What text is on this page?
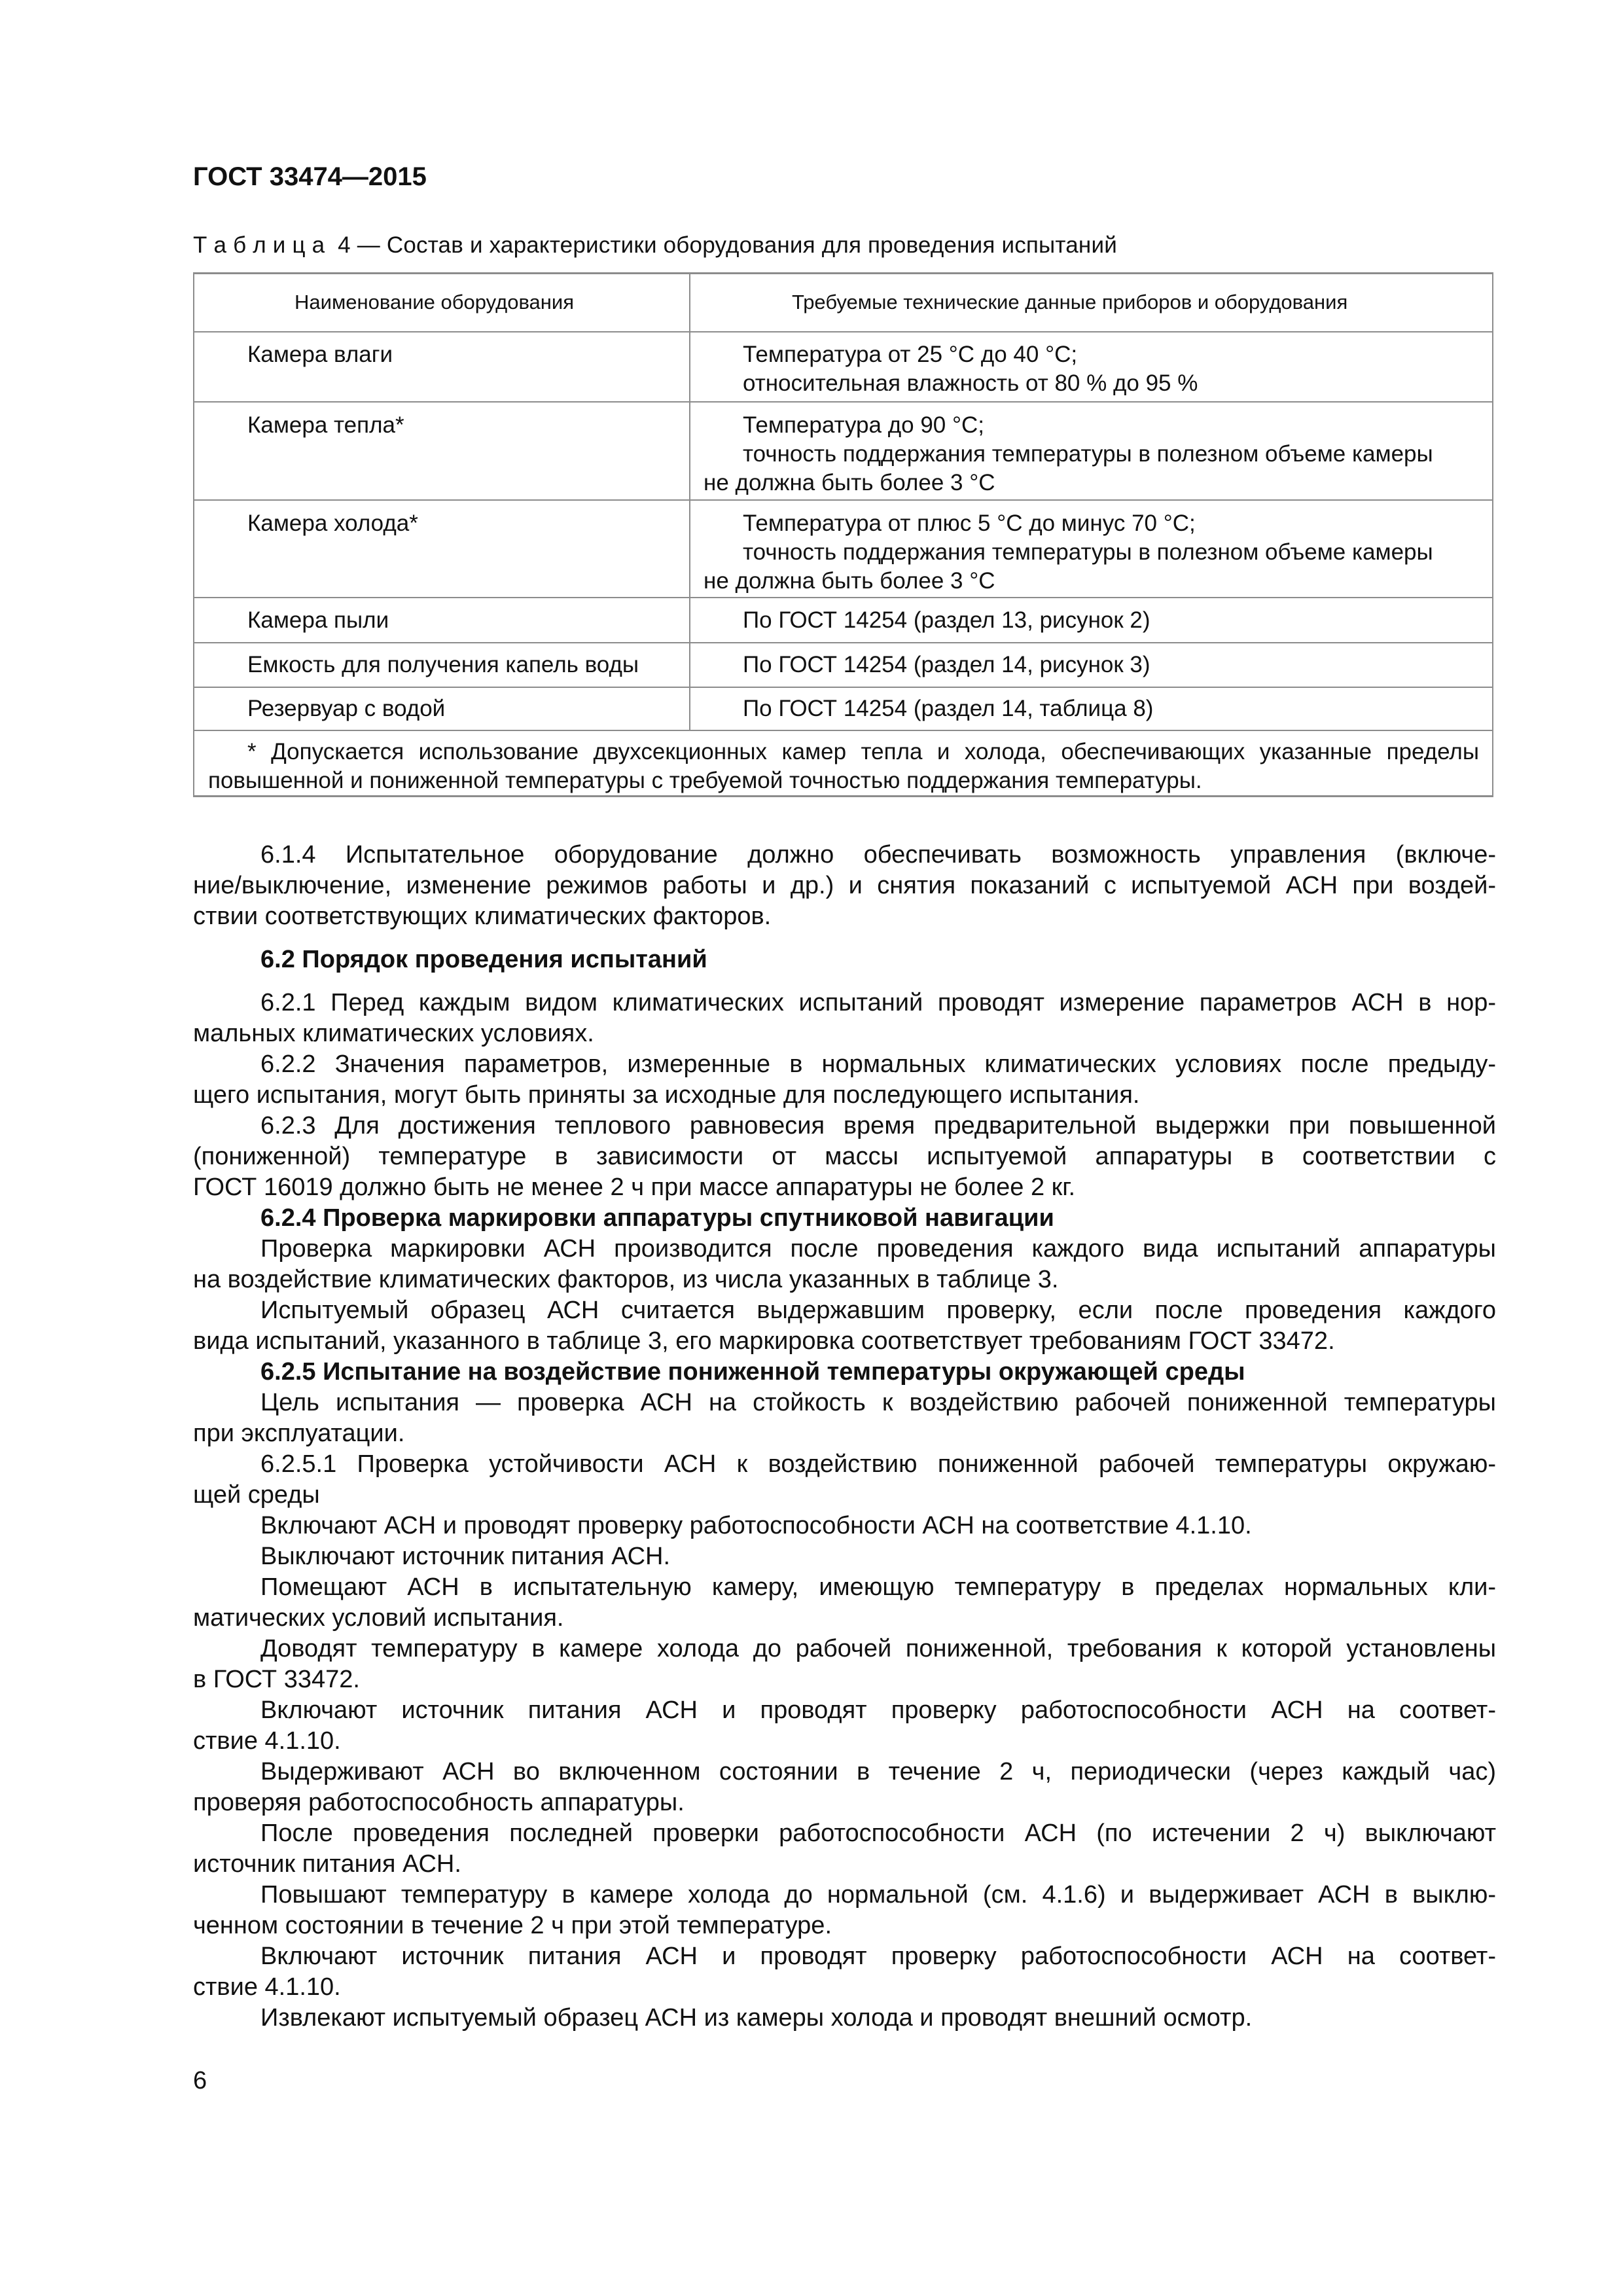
ГОСТ 33474—2015
Т а б л и ц а  4 — Состав и характеристики оборудования для проведения испытаний
Наименование оборудования	Требуемые технические данные приборов и оборудования
Камера влаги	Температура от 25 °С до 40 °С;
относительная влажность от 80 % до 95 %
Камера тепла*	Температура до 90 °С;
точность поддержания температуры в полезном объеме камеры
не должна быть более 3 °С
Камера холода*	Температура от плюс 5 °С до минус 70 °С;
точность поддержания температуры в полезном объеме камеры
не должна быть более 3 °С
Камера пыли	По ГОСТ 14254 (раздел 13, рисунок 2)
Емкость для получения капель воды	По ГОСТ 14254 (раздел 14, рисунок 3)
Резервуар с водой	По ГОСТ 14254 (раздел 14, таблица 8)
* Допускается использование двухсекционных камер тепла и холода, обеспечивающих указанные пределы
повышенной и пониженной температуры с требуемой точностью поддержания температуры.
6.1.4 Испытательное оборудование должно обеспечивать возможность управления (включе-
ние/выключение, изменение режимов работы и др.) и снятия показаний с испытуемой АСН при воздей-
ствии соответствующих климатических факторов.
6.2 Порядок проведения испытаний
6.2.1 Перед каждым видом климатических испытаний проводят измерение параметров АСН в нор-
мальных климатических условиях.
6.2.2 Значения параметров, измеренные в нормальных климатических условиях после предыду-
щего испытания, могут быть приняты за исходные для последующего испытания.
6.2.3 Для достижения теплового равновесия время предварительной выдержки при повышенной
(пониженной) температуре в зависимости от массы испытуемой аппаратуры в соответствии с
ГОСТ 16019 должно быть не менее 2 ч при массе аппаратуры не более 2 кг.
6.2.4 Проверка маркировки аппаратуры спутниковой навигации
Проверка маркировки АСН производится после проведения каждого вида испытаний аппаратуры
на воздействие климатических факторов, из числа указанных в таблице 3.
Испытуемый образец АСН считается выдержавшим проверку, если после проведения каждого
вида испытаний, указанного в таблице 3, его маркировка соответствует требованиям ГОСТ 33472.
6.2.5 Испытание на воздействие пониженной температуры окружающей среды
Цель испытания — проверка АСН на стойкость к воздействию рабочей пониженной температуры
при эксплуатации.
6.2.5.1 Проверка устойчивости АСН к воздействию пониженной рабочей температуры окружаю-
щей среды
Включают АСН и проводят проверку работоспособности АСН на соответствие 4.1.10.
Выключают источник питания АСН.
Помещают АСН в испытательную камеру, имеющую температуру в пределах нормальных кли-
матических условий испытания.
Доводят температуру в камере холода до рабочей пониженной, требования к которой установлены
в ГОСТ 33472.
Включают источник питания АСН и проводят проверку работоспособности АСН на соответ-
ствие 4.1.10.
Выдерживают АСН во включенном состоянии в течение 2 ч, периодически (через каждый час)
проверяя работоспособность аппаратуры.
После проведения последней проверки работоспособности АСН (по истечении 2 ч) выключают
источник питания АСН.
Повышают температуру в камере холода до нормальной (см. 4.1.6) и выдерживает АСН в выклю-
ченном состоянии в течение 2 ч при этой температуре.
Включают источник питания АСН и проводят проверку работоспособности АСН на соответ-
ствие 4.1.10.
Извлекают испытуемый образец АСН из камеры холода и проводят внешний осмотр.
6
